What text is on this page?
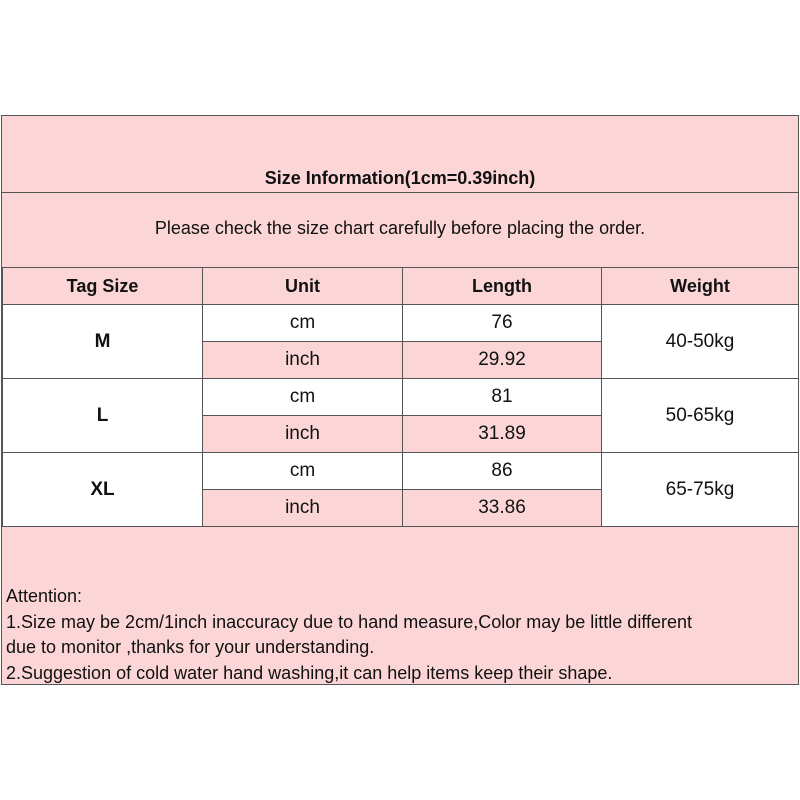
Size Information(1cm=0.39inch)
Please check the size chart carefully before placing the order.
Tag Size	Unit	Length	Weight
M	cm	76	40-50kg
	inch	29.92	
L	cm	81	50-65kg
	inch	31.89	
XL	cm	86	65-75kg
	inch	33.86	
Attention:
1.Size may be 2cm/1inch inaccuracy due to hand measure,Color may be little different
due to monitor ,thanks for your understanding.
2.Suggestion of cold water hand washing,it can help items keep their shape.
